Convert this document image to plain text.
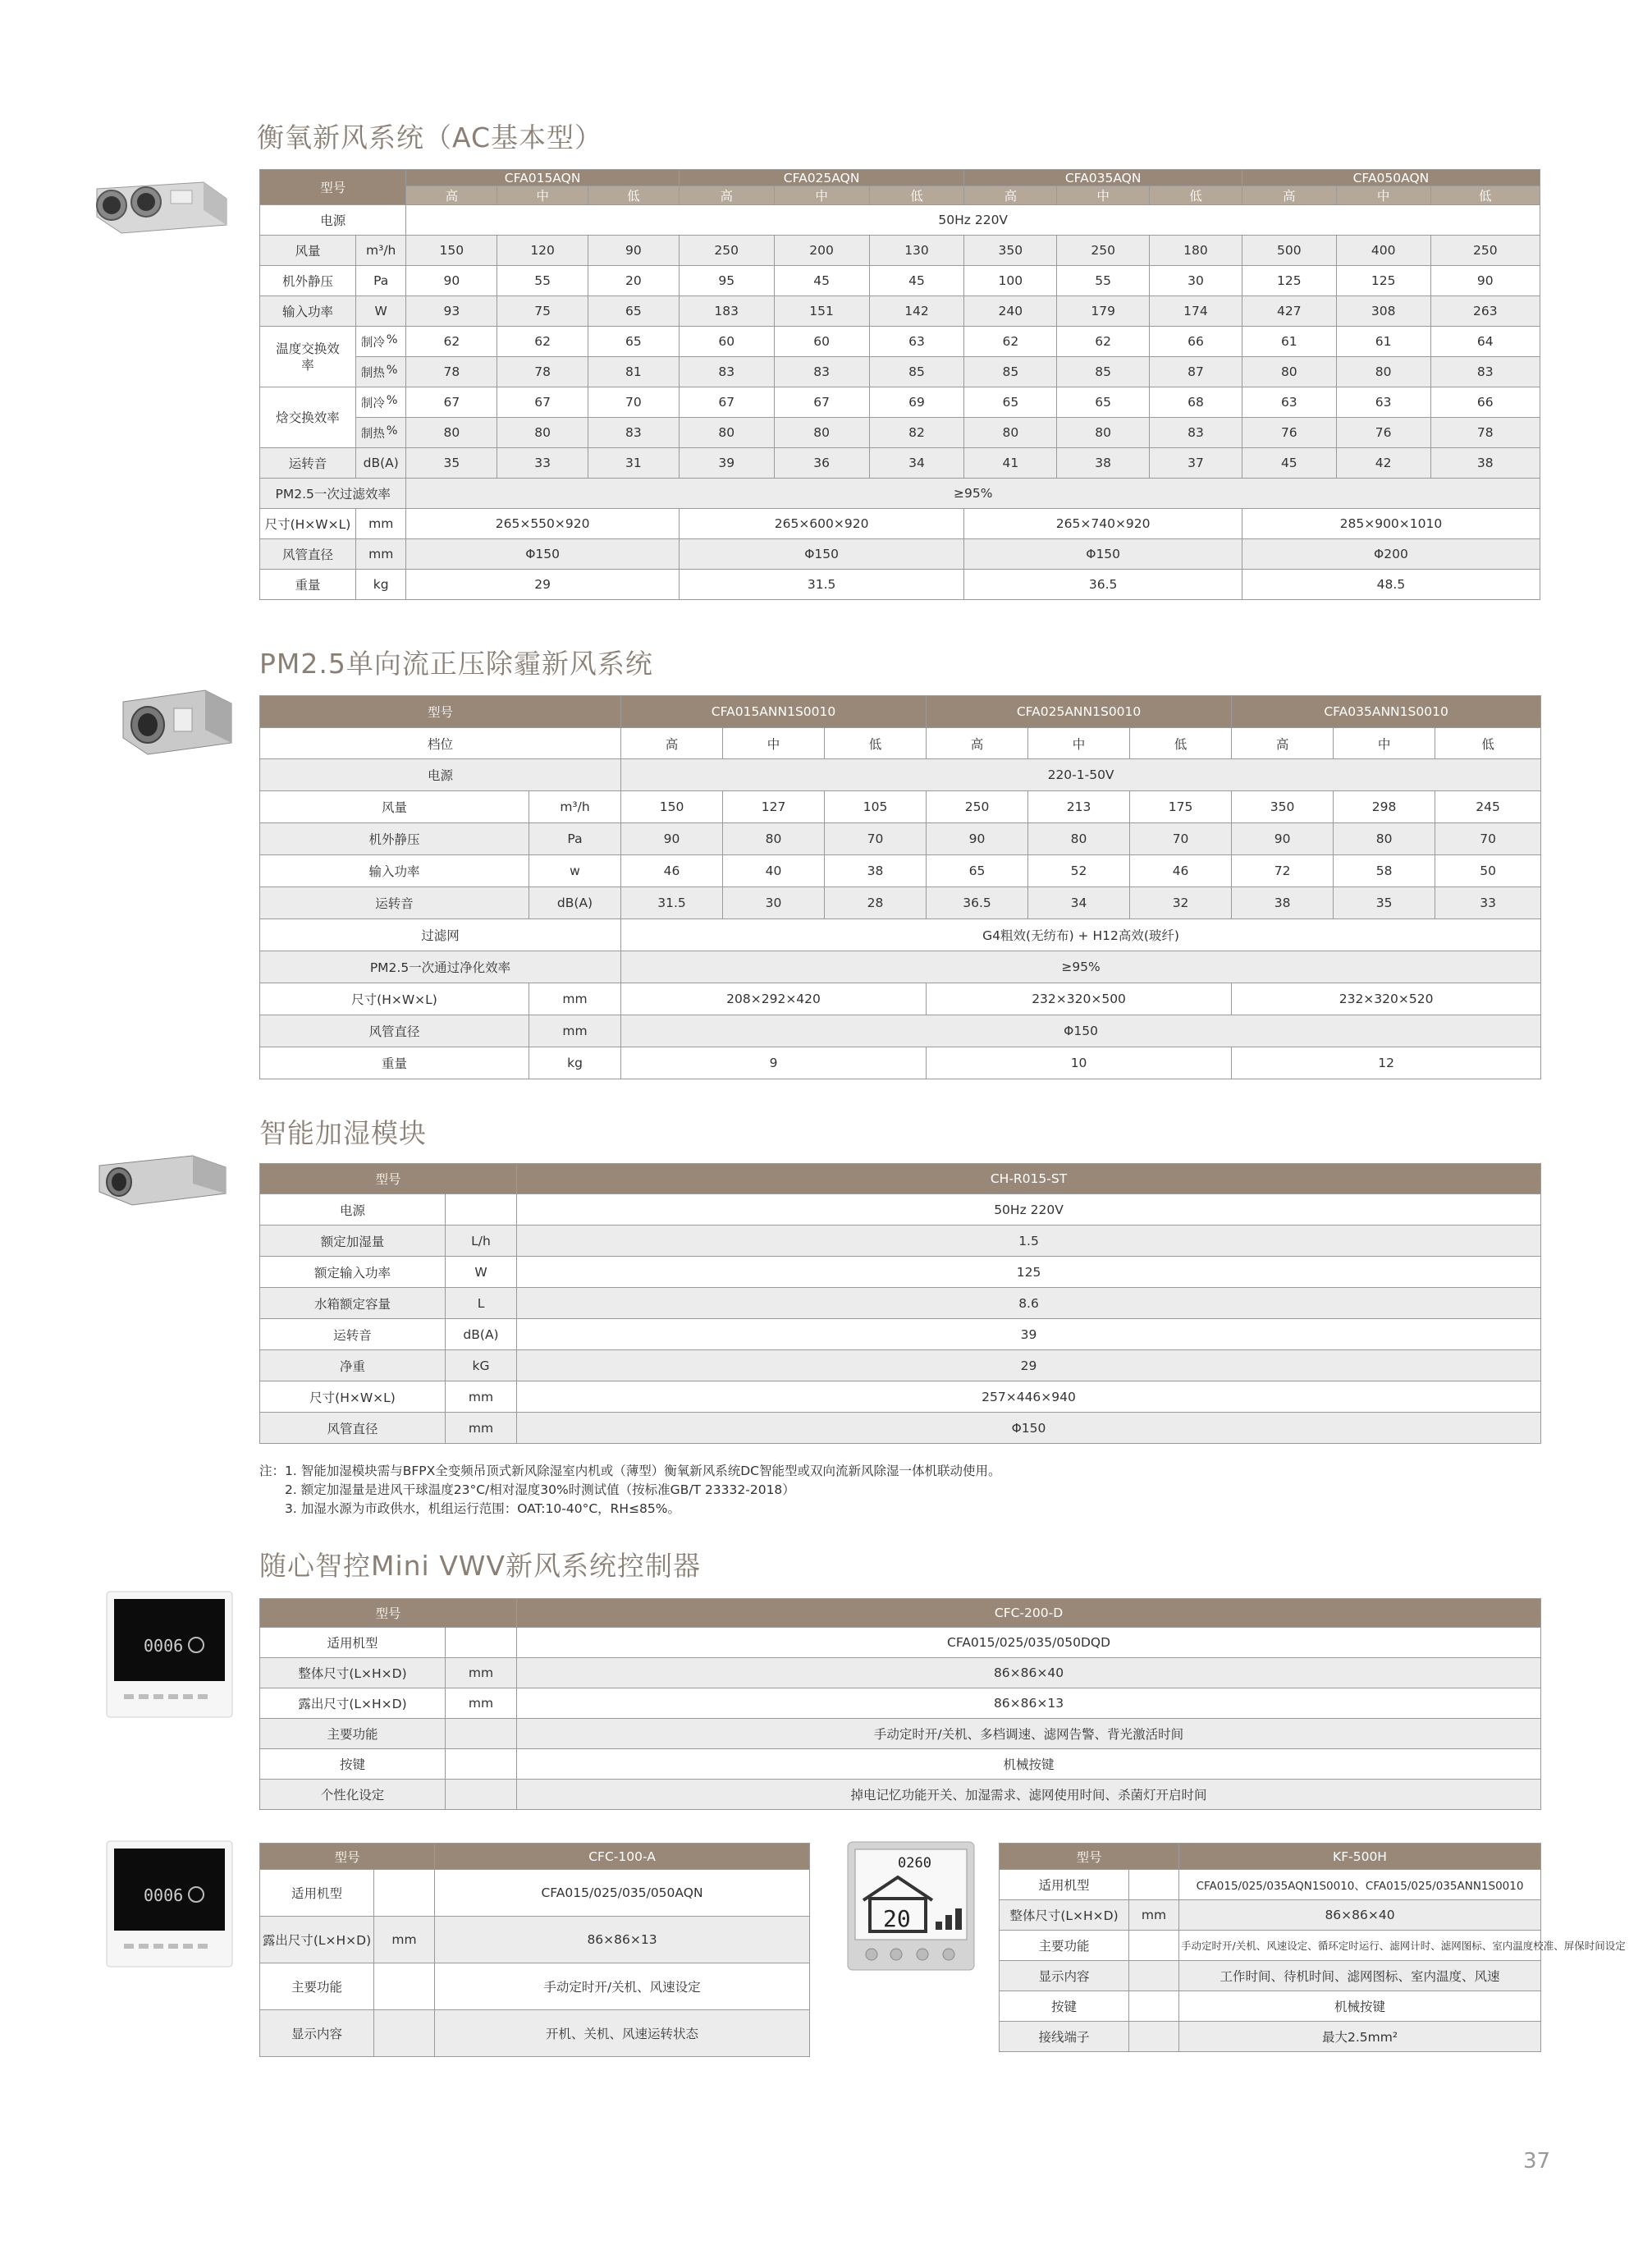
衡氧新风系统（AC基本型）
型号		CFA015AQN			CFA025AQN			CFA035AQN			CFA050AQN		
		高	中	低	高	中	低	高	中	低	高	中	低
电源		50Hz 220V											
风量	m³/h	150	120	90	250	200	130	350	250	180	500	400	250
机外静压	Pa	90	55	20	95	45	45	100	55	30	125	125	90
输入功率	W	93	75	65	183	151	142	240	179	174	427	308	263
温度交换效率	制冷 %	62	62	65	60	60	63	62	62	66	61	61	64
	制热 %	78	78	81	83	83	85	85	85	87	80	80	83
焓交换效率	制冷 %	67	67	70	67	67	69	65	65	68	63	63	66
	制热 %	80	80	83	80	80	82	80	80	83	76	76	78
运转音	dB(A)	35	33	31	39	36	34	41	38	37	45	42	38
PM2.5一次过滤效率		≥95%											
尺寸(H×W×L)	mm	265×550×920			265×600×920			265×740×920			285×900×1010		
风管直径	mm	Φ150			Φ150			Φ150			Φ200		
重量	kg	29			31.5			36.5			48.5		
PM2.5单向流正压除霾新风系统
型号		CFA015ANN1S0010			CFA025ANN1S0010			CFA035ANN1S0010		
档位		高	中	低	高	中	低	高	中	低
电源		220-1-50V								
风量	m³/h	150	127	105	250	213	175	350	298	245
机外静压	Pa	90	80	70	90	80	70	90	80	70
输入功率	w	46	40	38	65	52	46	72	58	50
运转音	dB(A)	31.5	30	28	36.5	34	32	38	35	33
过滤网		G4粗效(无纺布) + H12高效(玻纤)								
PM2.5一次通过净化效率		≥95%								
尺寸(H×W×L)	mm	208×292×420			232×320×500			232×320×520		
风管直径	mm	Φ150								
重量	kg	9			10			12		
智能加湿模块
型号		CH-R015-ST
电源		50Hz 220V
额定加湿量	L/h	1.5
额定输入功率	W	125
水箱额定容量	L	8.6
运转音	dB(A)	39
净重	kG	29
尺寸(H×W×L)	mm	257×446×940
风管直径	mm	Φ150
注：1. 智能加湿模块需与BFPX全变频吊顶式新风除湿室内机或（薄型）衡氧新风系统DC智能型或双向流新风除湿一体机联动使用。
2. 额定加湿量是进风干球温度23°C/相对湿度30%时测试值（按标准GB/T 23332-2018）
3. 加湿水源为市政供水，机组运行范围：OAT:10-40°C，RH≤85%。
随心智控Mini VWV新风系统控制器
0006
型号		CFC-200-D
适用机型		CFA015/025/035/050DQD
整体尺寸(L×H×D)	mm	86×86×40
露出尺寸(L×H×D)	mm	86×86×13
主要功能		手动定时开/关机、多档调速、滤网告警、背光激活时间
按键		机械按键
个性化设定		掉电记忆功能开关、加湿需求、滤网使用时间、杀菌灯开启时间
0006
型号		CFC-100-A
适用机型		CFA015/025/035/050AQN
露出尺寸(L×H×D)	mm	86×86×13
主要功能		手动定时开/关机、风速设定
显示内容		开机、关机、风速运转状态
0260
20
型号		KF-500H
适用机型		CFA015/025/035AQN1S0010、CFA015/025/035ANN1S0010
整体尺寸(L×H×D)	mm	86×86×40
主要功能		手动定时开/关机、风速设定、循环定时运行、滤网计时、滤网图标、室内温度校准、屏保时间设定
显示内容		工作时间、待机时间、滤网图标、室内温度、风速
按键		机械按键
接线端子		最大2.5mm²
37
